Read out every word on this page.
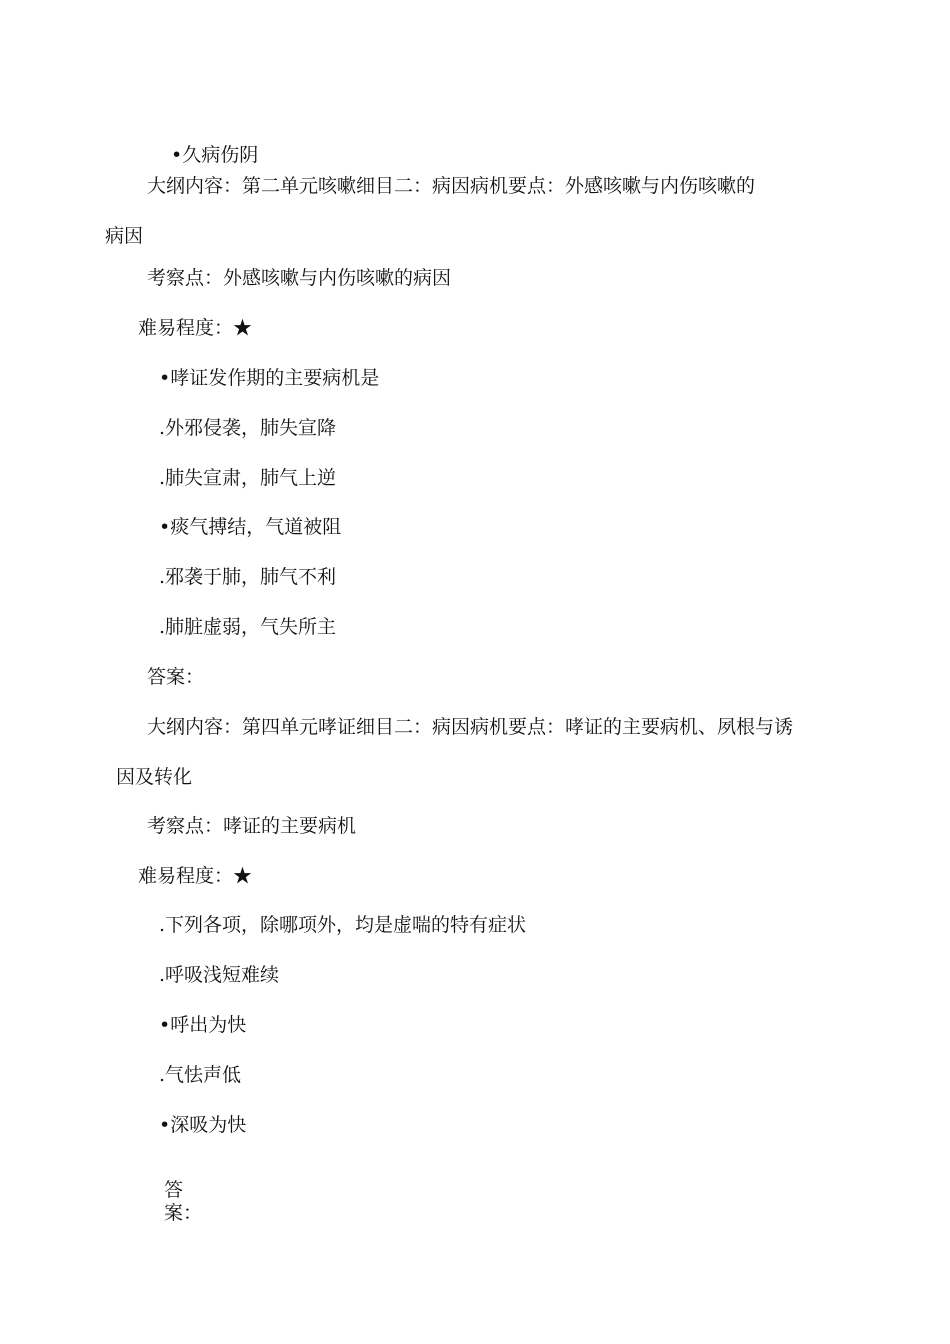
•久病伤阴

大纲内容：第二单元咳嗽细目二：病因病机要点：外感咳嗽与内伤咳嗽的

病因

考察点：外感咳嗽与内伤咳嗽的病因

难易程度：★

•哮证发作期的主要病机是

.外邪侵袭，肺失宣降

.肺失宣肃，肺气上逆

•痰气搏结，气道被阻

.邪袭于肺，肺气不利

.肺脏虚弱，气失所主

答案：

大纲内容：第四单元哮证细目二：病因病机要点：哮证的主要病机、夙根与诱

因及转化

考察点：哮证的主要病机

难易程度：★

.下列各项，除哪项外，均是虚喘的特有症状

.呼吸浅短难续

•呼出为快

.气怯声低

•深吸为快

答

案：
